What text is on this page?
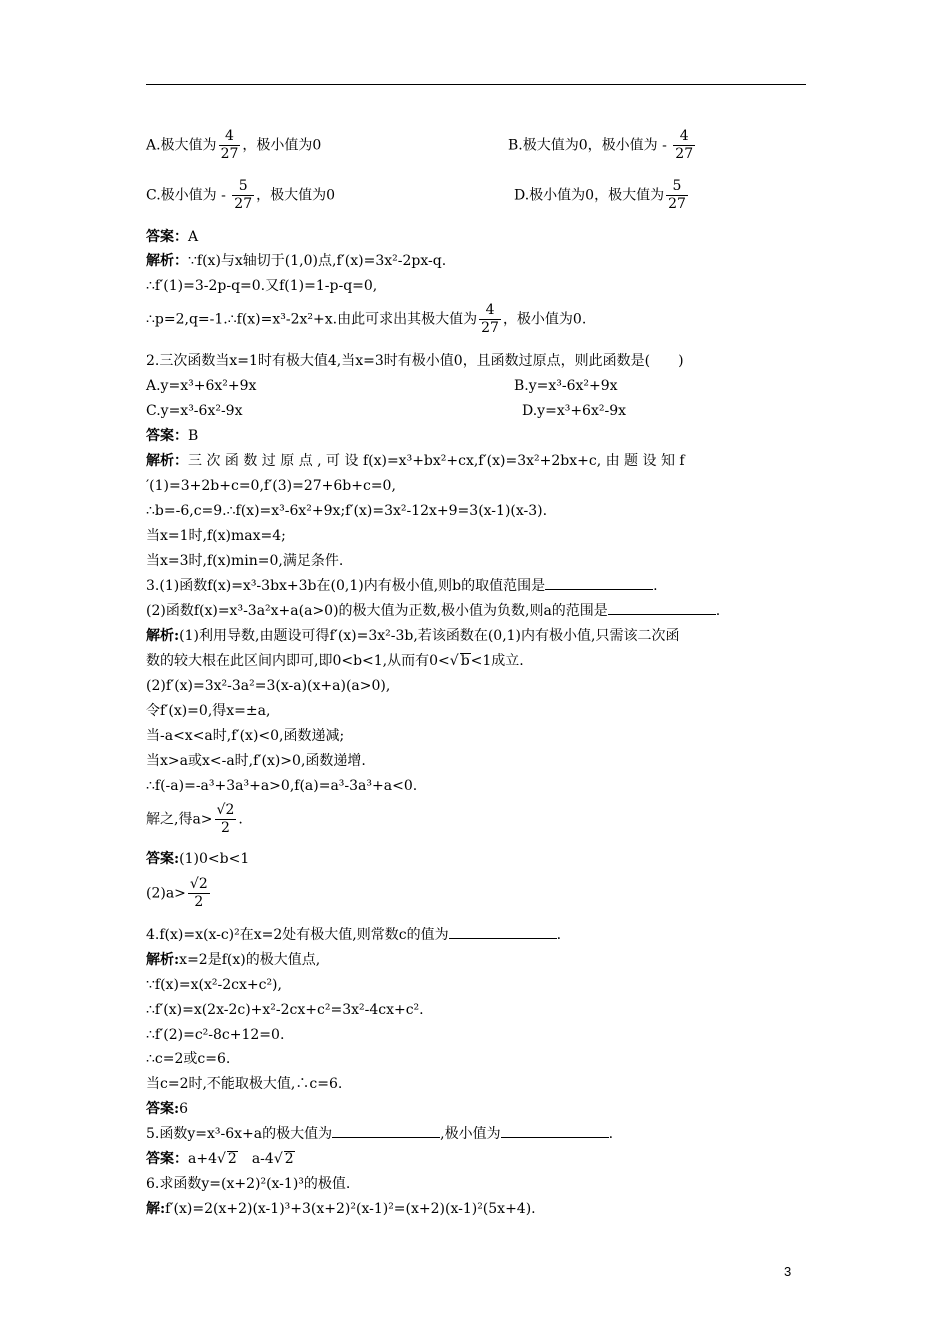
A.极大值为 $\frac{4}{27}$ ，极小值为0	B.极大值为0，极小值为 - $\frac{4}{27}$
C.极小值为 - $\frac{5}{27}$ ，极大值为0	D.极小值为0，极大值为 $\frac{5}{27}$
答案：A
解析：∵f(x)与x轴切于(1,0)点,f′(x)=3x²-2px-q.
∴f′(1)=3-2p-q=0.又f(1)=1-p-q=0,
∴p=2,q=-1.∴f(x)=x³-2x²+x.由此可求出其极大值为 $\frac{4}{27}$ ，极小值为0.
2.三次函数当x=1时有极大值4,当x=3时有极小值0，且函数过原点，则此函数是(　　)
A.y=x³+6x²+9x	B.y=x³-6x²+9x
C.y=x³-6x²-9x	D.y=x³+6x²-9x
答案：B
解析：三 次 函 数 过 原 点 , 可 设 f(x)=x³+bx²+cx,f′(x)=3x²+2bx+c, 由 题 设 知 f
′(1)=3+2b+c=0,f′(3)=27+6b+c=0,
∴b=-6,c=9.∴f(x)=x³-6x²+9x;f′(x)=3x²-12x+9=3(x-1)(x-3).
当x=1时,f(x)max=4;
当x=3时,f(x)min=0,满足条件.
3.(1)函数f(x)=x³-3bx+3b在(0,1)内有极小值,则b的取值范围是	.
(2)函数f(x)=x³-3a²x+a(a>0)的极大值为正数,极小值为负数,则a的范围是	.
解析:(1)利用导数,由题设可得f′(x)=3x²-3b,若该函数在(0,1)内有极小值,只需该二次函
数的较大根在此区间内即可,即0<b<1,从而有0< √ b<1成立.
(2)f′(x)=3x²-3a²=3(x-a)(x+a)(a>0),
令f′(x)=0,得x=±a,
当-a<x<a时,f′(x)<0,函数递减;
当x>a或x<-a时,f′(x)>0,函数递增.
∴f(-a)=-a³+3a³+a>0,f(a)=a³-3a³+a<0.
解之,得$a> \frac{√2}{2}$ .
答案:(1)0<b<1
$(2)a> \frac{√2}{2}$
4.f(x)=x(x-c)²在x=2处有极大值,则常数c的值为	.
解析:x=2是f(x)的极大值点,
∵f(x)=x(x²-2cx+c²),
∴f′(x)=x(2x-2c)+x²-2cx+c²=3x²-4cx+c².
∴f′(2)=c²-8c+12=0.
∴c=2或c=6.
当c=2时,不能取极大值,∴c=6.
答案:6
5.函数y=x³-6x+a的极大值为	,极小值为	.
答案：a+4 √ 2 a-4 √ 2
6.求函数y=(x+2)²(x-1)³的极值.
解:f′(x)=2(x+2)(x-1)³+3(x+2)²(x-1)²=(x+2)(x-1)²(5x+4).
3
